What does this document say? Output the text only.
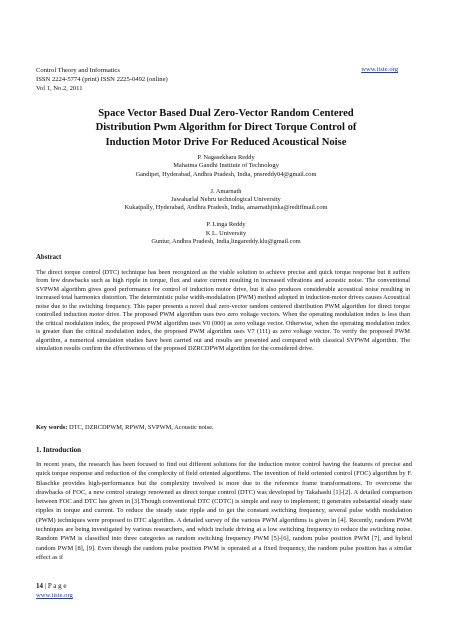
Control Theory and Informatics
ISSN 2224-5774 (print) ISSN 2225-0492 (online)
Vol 1, No.2, 2011
www.iiste.org
Space Vector Based Dual Zero-Vector Random Centered
Distribution Pwm Algorithm for Direct Torque Control of
Induction Motor Drive For Reduced Acoustical Noise
P. Nagasekhara Reddy
Mahatma Gandhi Institute of Technology
Gandipet, Hyderabad, Andhra Pradesh, India, pnsreddy04@gmail.com
J. Amarnath
Jawaharlal Nehru technological University
Kukatpally, Hyderabad, Andhra Pradesh, India, amarnathjinka@rediffmail.com
P. Linga Reddy
K L. University
Guntur, Andhra Pradesh, India,lingareddy.klu@gmail.com
Abstract
The direct torque control (DTC) technique has been recognized as the viable solution to achieve precise and quick torque response but it suffers from few drawbacks such as high ripple in torque, flux and stator current resulting in increased vibrations and acoustic noise. The conventional SVPWM algorithm gives good performance for control of induction motor drive, but it also produces considerable acoustical noise resulting in increased total harmonics distortion. The deterministic pulse width-modulation (PWM) method adopted in induction-motor drives causes Acoustical noise due to the switching frequency. This paper presents a novel dual zero-vector random centered distribution PWM algorithm for direct torque controlled induction motor drive. The proposed PWM algorithm uses two zero voltage vectors. When the operating modulation index is less than the critical modulation index, the proposed PWM algorithm uses V0 (000) as zero voltage vector. Otherwise, when the operating modulation index is greater than the critical modulation index, the proposed PWM algorithm uses V7 (111) as zero voltage vector. To verify the proposed PWM algorithm, a numerical simulation studies have been carried out and results are presented and compared with classical SVPWM algorithm. The simulation results confirm the effectiveness of the proposed DZRCDPWM algorithm for the considered drive.
Key words: DTC, DZRCDPWM, RPWM, SVPWM, Acoustic noise.
1. Introduction
In recent years, the research has been focused to find out different solutions for the induction motor control having the features of precise and quick torque response and reduction of the complexity of field oriented algorithms. The invention of field oriented control (FOC) algorithm by F. Blaschke provides high-performance but the complexity involved is more due to the reference frame transformations. To overcome the drawbacks of FOC, a new control strategy renowned as direct torque control (DTC) was developed by Takahashi [1]-[2]. A detailed comparison between FOC and DTC has given in [3].Though conventional DTC (CDTC) is simple and easy to implement; it generates substantial steady state ripples in torque and current. To reduce the steady state ripple and to get the constant switching frequency, several pulse width modulation (PWM) techniques were proposed to DTC algorithm. A detailed survey of the various PWM algorithms is given in [4]. Recently, random PWM techniques are being investigated by various researchers, and which include driving at a low switching frequency to reduce the switching noise. Random PWM is classified into three categories as random switching frequency PWM [5]-[6], random pulse position PWM [7], and hybrid random PWM [8], [9]. Even though the random pulse position PWM is operated at a fixed frequency, the random pulse position has a similar effect as if
14 | P a g e
www.iiste.org
